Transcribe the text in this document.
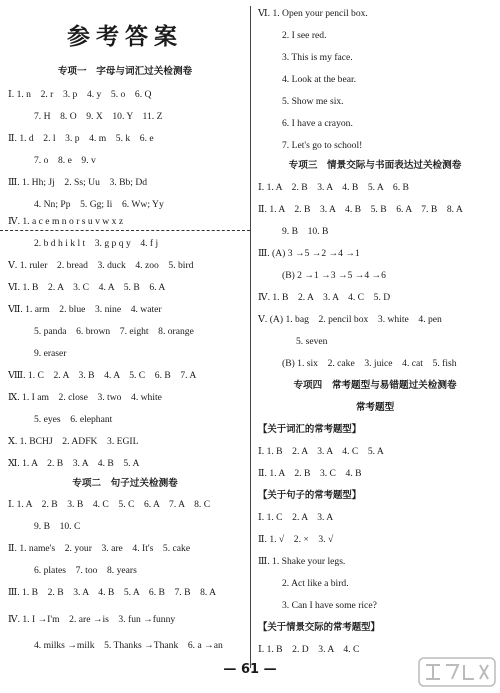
参考答案
专项一　字母与词汇过关检测卷
Ⅰ. 1. n　2. r　3. p　4. y　5. o　6. Q
7. H　8. O　9. X　10. Y　11. Z
Ⅱ. 1. d　2. l　3. p　4. m　5. k　6. e
7. o　8. e　9. v
Ⅲ. 1. Hh; Jj　2. Ss; Uu　3. Bb; Dd
4. Nn; Pp　5. Gg; Ii　6. Ww; Yy
Ⅳ. 1. a c e m n o r s u v w x z
2. b d h i k l t　3. g p q y　4. f j
Ⅴ. 1. ruler　2. bread　3. duck　4. zoo　5. bird
Ⅵ. 1. B　2. A　3. C　4. A　5. B　6. A
Ⅶ. 1. arm　2. blue　3. nine　4. water
5. panda　6. brown　7. eight　8. orange
9. eraser
Ⅷ. 1. C　2. A　3. B　4. A　5. C　6. B　7. A
Ⅸ. 1. I am　2. close　3. two　4. white
5. eyes　6. elephant
Ⅹ. 1. BCHJ　2. ADFK　3. EGIL
Ⅺ. 1. A　2. B　3. A　4. B　5. A
专项二　句子过关检测卷
Ⅰ. 1. A　2. B　3. B　4. C　5. C　6. A　7. A　8. C
9. B　10. C
Ⅱ. 1. name's　2. your　3. are　4. It's　5. cake
6. plates　7. too　8. years
Ⅲ. 1. B　2. B　3. A　4. B　5. A　6. B　7. B　8. A
Ⅳ. 1. I →I'm　2. are →is　3. fun →funny
4. milks →milk　5. Thanks →Thank　6. a →an
Ⅵ. 1. Open your pencil box.
2. I see red.
3. This is my face.
4. Look at the bear.
5. Show me six.
6. I have a crayon.
7. Let's go to school!
专项三　情景交际与书面表达过关检测卷
Ⅰ. 1. A　2. B　3. A　4. B　5. A　6. B
Ⅱ. 1. A　2. B　3. A　4. B　5. B　6. A　7. B　8. A
9. B　10. B
Ⅲ. (A) 3 →5 →2 →4 →1
(B) 2 →1 →3 →5 →4 →6
Ⅳ. 1. B　2. A　3. A　4. C　5. D
Ⅴ. (A) 1. bag　2. pencil box　3. white　4. pen
5. seven
(B) 1. six　2. cake　3. juice　4. cat　5. fish
专项四　常考题型与易错题过关检测卷
常考题型
【关于词汇的常考题型】
Ⅰ. 1. B　2. A　3. A　4. C　5. A
Ⅱ. 1. A　2. B　3. C　4. B
【关于句子的常考题型】
Ⅰ. 1. C　2. A　3. A
Ⅱ. 1. √　2. ×　3. √
Ⅲ. 1. Shake your legs.
2. Act like a bird.
3. Can I have some rice?
【关于情景交际的常考题型】
Ⅰ. 1. B　2. D　3. A　4. C
— 61 —
